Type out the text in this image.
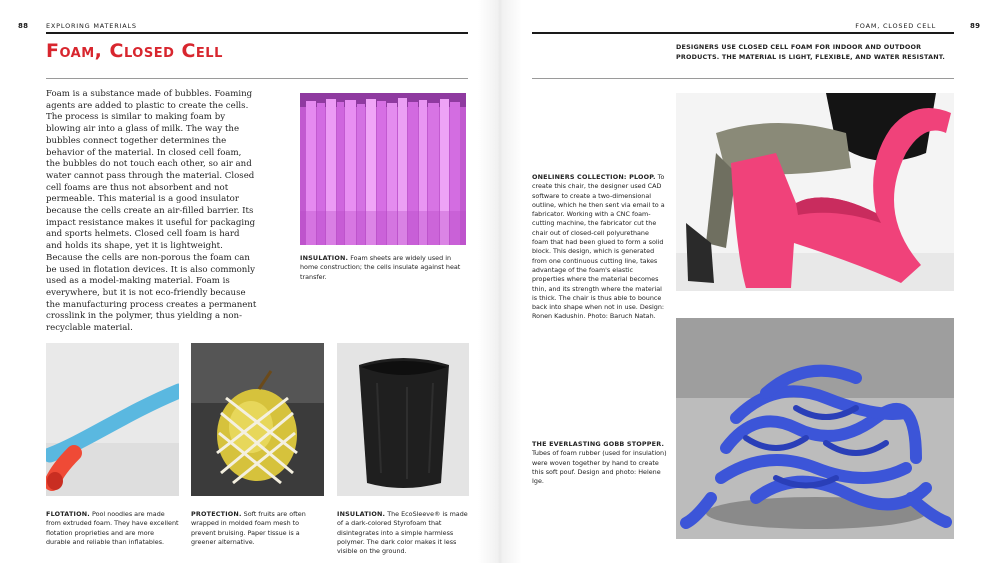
88	EXPLORING MATERIALS
Foam, Closed Cell
Foam is a substance made of bubbles. Foaming agents are added to plastic to create the cells. The process is similar to making foam by blowing air into a glass of milk. The way the bubbles connect together determines the behavior of the material. In closed cell foam, the bubbles do not touch each other, so air and water cannot pass through the material. Closed cell foams are thus not absorbent and not permeable. This material is a good insulator because the cells create an air-filled barrier. Its impact resistance makes it useful for packaging and sports helmets. Closed cell foam is hard and holds its shape, yet it is lightweight. Because the cells are non-porous the foam can be used in flotation devices. It is also commonly used as a model-making material. Foam is everywhere, but it is not eco-friendly because the manufacturing process creates a permanent crosslink in the polymer, thus yielding a non-recyclable material.
INSULATION. Foam sheets are widely used in home construction; the cells insulate against heat transfer.
FLOTATION. Pool noodles are made from extruded foam. They have excellent flotation proprieties and are more durable and reliable than inflatables.
PROTECTION. Soft fruits are often wrapped in molded foam mesh to prevent bruising. Paper tissue is a greener alternative.
INSULATION. The EcoSleeve® is made of a dark-colored Styrofoam that disintegrates into a simple harmless polymer. The dark color makes it less visible on the ground.
FOAM, CLOSED CELL	89
DESIGNERS USE CLOSED CELL FOAM FOR INDOOR AND OUTDOOR PRODUCTS. THE MATERIAL IS LIGHT, FLEXIBLE, AND WATER RESISTANT.
ONELINERS COLLECTION: PLOOP. To create this chair, the designer used CAD software to create a two-dimensional outline, which he then sent via email to a fabricator. Working with a CNC foam-cutting machine, the fabricator cut the chair out of closed-cell polyurethane foam that had been glued to form a solid block. This design, which is generated from one continuous cutting line, takes advantage of the foam's elastic properties where the material becomes thin, and its strength where the material is thick. The chair is thus able to bounce back into shape when not in use. Design: Ronen Kadushin. Photo: Baruch Natah.
THE EVERLASTING GOBB STOPPER. Tubes of foam rubber (used for insulation) were woven together by hand to create this soft pouf. Design and photo: Helene Ige.
